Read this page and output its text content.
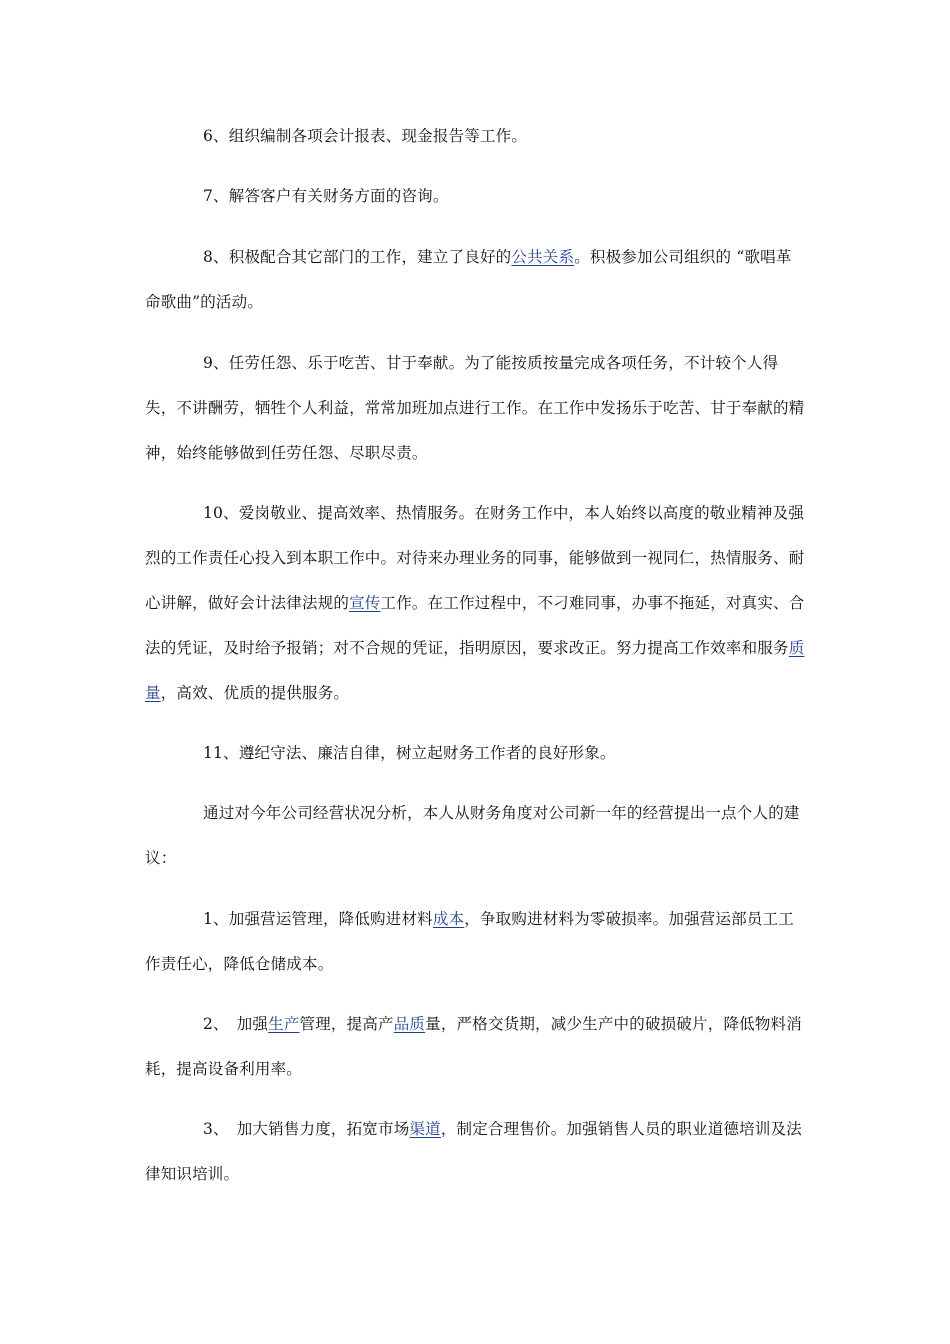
6、组织编制各项会计报表、现金报告等工作。

7、解答客户有关财务方面的咨询。

8、积极配合其它部门的工作，建立了良好的公共关系。积极参加公司组织的 “歌唱革命歌曲”的活动。

9、任劳任怨、乐于吃苦、甘于奉献。为了能按质按量完成各项任务，不计较个人得失，不讲酬劳，牺牲个人利益，常常加班加点进行工作。在工作中发扬乐于吃苦、甘于奉献的精神，始终能够做到任劳任怨、尽职尽责。

10、爱岗敬业、提高效率、热情服务。在财务工作中，本人始终以高度的敬业精神及强烈的工作责任心投入到本职工作中。对待来办理业务的同事，能够做到一视同仁，热情服务、耐心讲解，做好会计法律法规的宣传工作。在工作过程中，不刁难同事，办事不拖延，对真实、合法的凭证，及时给予报销；对不合规的凭证，指明原因，要求改正。努力提高工作效率和服务质量，高效、优质的提供服务。

11、遵纪守法、廉洁自律，树立起财务工作者的良好形象。

通过对今年公司经营状况分析，本人从财务角度对公司新一年的经营提出一点个人的建议：

1、加强营运管理，降低购进材料成本，争取购进材料为零破损率。加强营运部员工工作责任心，降低仓储成本。

2、　加强生产管理，提高产品质量，严格交货期，减少生产中的破损破片，降低物料消耗，提高设备利用率。

3、　加大销售力度，拓宽市场渠道，制定合理售价。加强销售人员的职业道德培训及法律知识培训。
